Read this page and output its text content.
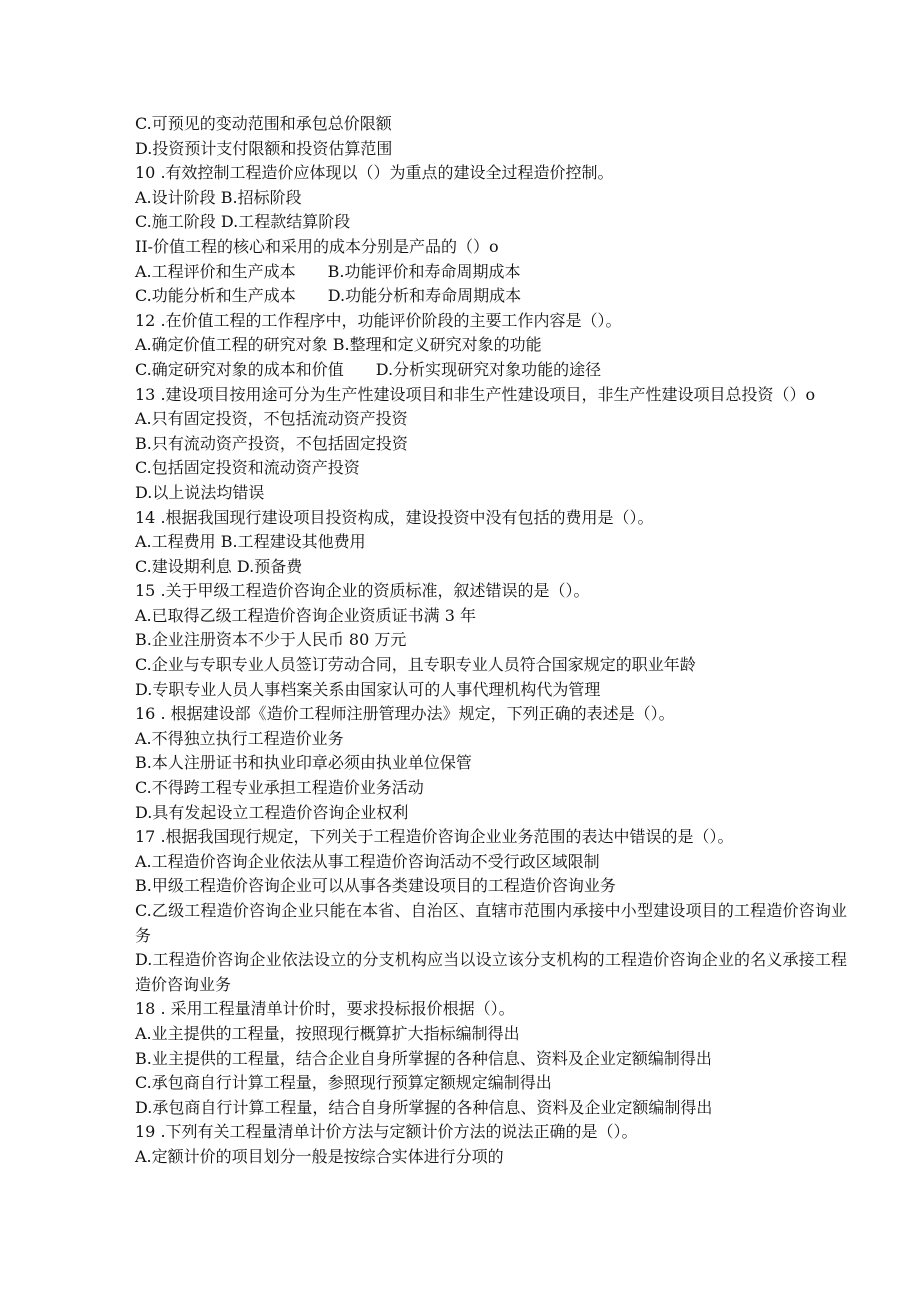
C.可预见的变动范围和承包总价限额

D.投资预计支付限额和投资估算范围

10 .有效控制工程造价应体现以（）为重点的建设全过程造价控制。

A.设计阶段 B.招标阶段

C.施工阶段 D.工程款结算阶段

II-价值工程的核心和采用的成本分别是产品的（）o

A.工程评价和生产成本　　B.功能评价和寿命周期成本

C.功能分析和生产成本　　D.功能分析和寿命周期成本

12 .在价值工程的工作程序中，功能评价阶段的主要工作内容是（）。

A.确定价值工程的研究对象 B.整理和定义研究对象的功能

C.确定研究对象的成本和价值　　D.分析实现研究对象功能的途径

13 .建设项目按用途可分为生产性建设项目和非生产性建设项目，非生产性建设项目总投资（）o

A.只有固定投资，不包括流动资产投资

B.只有流动资产投资，不包括固定投资

C.包括固定投资和流动资产投资

D.以上说法均错误

14 .根据我国现行建设项目投资构成，建设投资中没有包括的费用是（）。

A.工程费用 B.工程建设其他费用

C.建设期利息 D.预备费

15 .关于甲级工程造价咨询企业的资质标准，叙述错误的是（）。

A.已取得乙级工程造价咨询企业资质证书满 3 年

B.企业注册资本不少于人民币 80 万元

C.企业与专职专业人员签订劳动合同，且专职专业人员符合国家规定的职业年龄

D.专职专业人员人事档案关系由国家认可的人事代理机构代为管理

16 . 根据建设部《造价工程师注册管理办法》规定，下列正确的表述是（）。

A.不得独立执行工程造价业务

B.本人注册证书和执业印章必须由执业单位保管

C.不得跨工程专业承担工程造价业务活动

D.具有发起设立工程造价咨询企业权利

17 .根据我国现行规定，下列关于工程造价咨询企业业务范围的表达中错误的是（）。

A.工程造价咨询企业依法从事工程造价咨询活动不受行政区域限制

B.甲级工程造价咨询企业可以从事各类建设项目的工程造价咨询业务

C.乙级工程造价咨询企业只能在本省、自治区、直辖市范围内承接中小型建设项目的工程造价咨询业务

D.工程造价咨询企业依法设立的分支机构应当以设立该分支机构的工程造价咨询企业的名义承接工程造价咨询业务

18 . 采用工程量清单计价时，要求投标报价根据（）。

A.业主提供的工程量，按照现行概算扩大指标编制得出

B.业主提供的工程量，结合企业自身所掌握的各种信息、资料及企业定额编制得出

C.承包商自行计算工程量，参照现行预算定额规定编制得出

D.承包商自行计算工程量，结合自身所掌握的各种信息、资料及企业定额编制得出

19 .下列有关工程量清单计价方法与定额计价方法的说法正确的是（）。

A.定额计价的项目划分一般是按综合实体进行分项的
